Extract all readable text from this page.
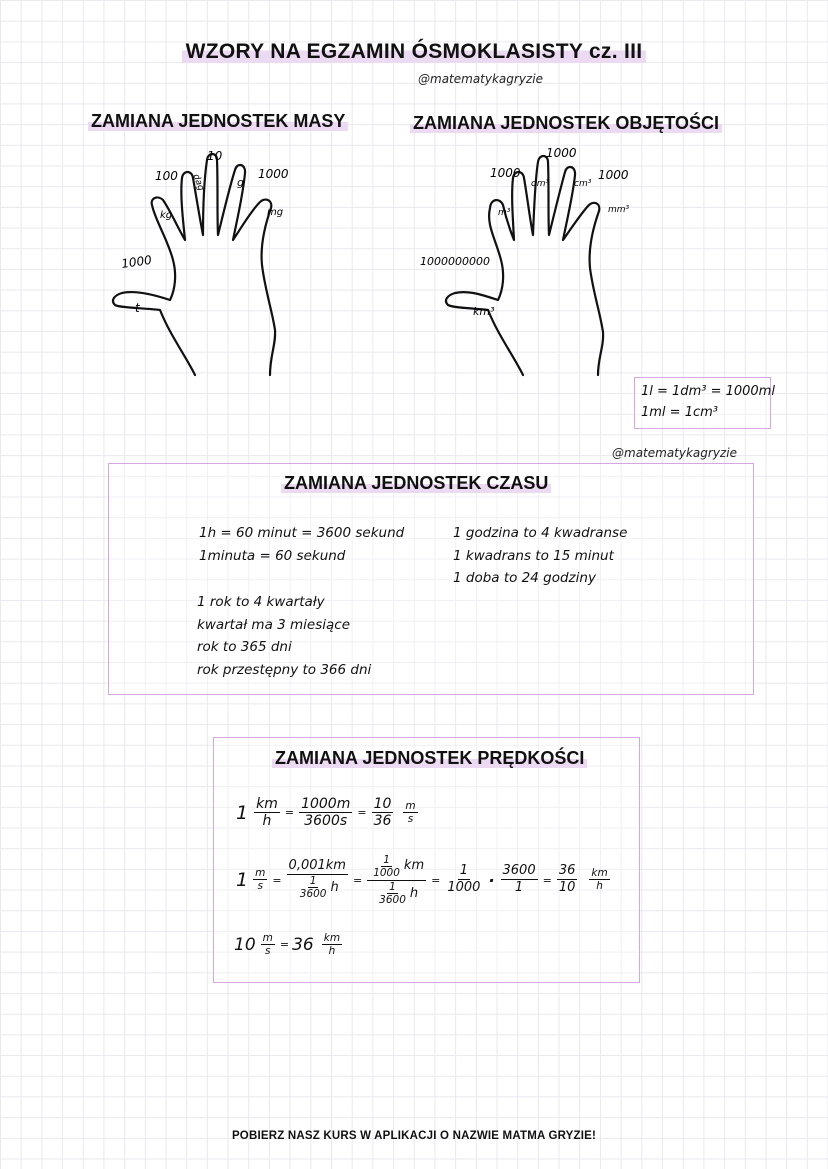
WZORY NA EGZAMIN ÓSMOKLASISTY cz. III
@matematykagryzie
ZAMIANA JEDNOSTEK MASY	ZAMIANA JEDNOSTEK OBJĘTOŚCI
t
kg
dag	g
mg
1000
100
10
1000
km³
m³
dm³	cm³
mm³
1000000000
1000
1000
1000
1l = 1dm³ = 1000ml
1ml = 1cm³
@matematykagryzie
ZAMIANA JEDNOSTEK CZASU
1h = 60 minut = 3600 sekund
1minuta = 60 sekund
1 rok to 4 kwartały
kwartał ma 3 miesiące
rok to 365 dni
rok przestępny to 366 dni
1 godzina to 4 kwadranse
1 kwadrans to 15 minut
1 doba to 24 godziny
ZAMIANA JEDNOSTEK PRĘDKOŚCI
$1 \frac{km}{h} = \frac{1000m}{3600s} = \frac{10}{36} \frac{m}{s}$
$1 \frac{m}{s} = \frac{0,001km}{\frac{1}{3600} h} = \frac{\frac{1}{1000} km}{\frac{1}{3600} h} = \frac{1}{1000} \cdot \frac{3600}{1} = \frac{36}{10} \frac{km}{h}$
$10 \frac{m}{s} = 36 \frac{km}{h}$
POBIERZ NASZ KURS W APLIKACJI O NAZWIE MATMA GRYZIE!
